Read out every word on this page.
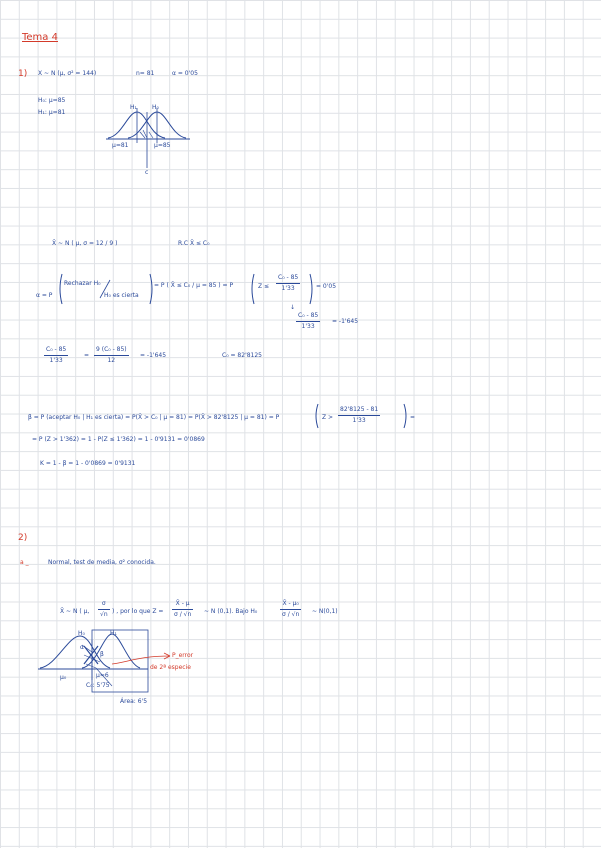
Tema 4
1) X ~ N (μ, σ² = 144)	n= 81	α = 0'05
H₀: μ=85
H₁: μ=81
H₁	H₀
c
μ=81	μ=85
X̄ ~ N ( μ, σ = 12 / 9 )	R.C X̄ ≤ C₀
α = P
Rechazar H₀
H₀ es cierta
= P ( X̄ ≤ C₀ / μ = 85 ) = P	Z ≤
C₀ - 85
1'33	= 0'05
↓
C₀ - 85
1'33
= -1'645
C₀ - 85
1'33
=
9 (C₀ - 85)
12
= -1'645	C₀ = 82'8125
β = P (aceptar H₀ | H₁ es cierta) = P(X̄ > C₀ | μ = 81) = P(X̄ > 82'8125 | μ = 81) = P	Z >
82'8125 - 81
1'33	=
= P (Z > 1'362) = 1 - P(Z ≤ 1'362) = 1 - 0'9131 = 0'0869
K = 1 - β = 1 - 0'0869 = 0'9131
2)
a _	Normal, test de media, σ² conocida.
X̄ ~ N ( μ,
σ
√n ) , por lo que Z =
X̄ - μ
σ / √n	~ N (0,1). Bajo H₀
X̄ - μ₀
σ / √n	~ N(0,1)
H₀	H₁
α
β
μ₀	μ=6
C₀: 5'75
P_error
de 2ª especie
Área: 6'5
